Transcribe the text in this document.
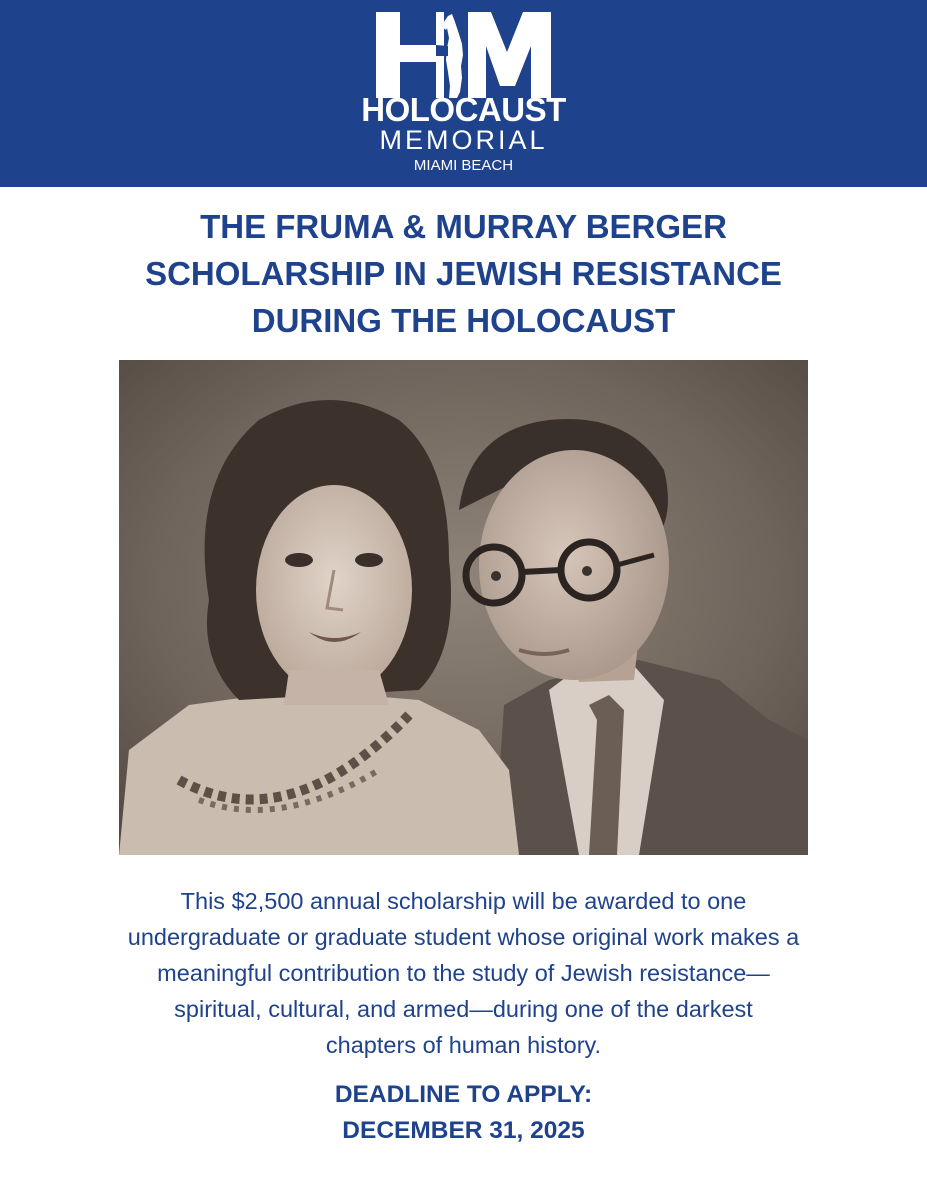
HOLOCAUST

MEMORIAL

MIAMI BEACH

THE FRUMA & MURRAY BERGER
SCHOLARSHIP IN JEWISH RESISTANCE
DURING THE HOLOCAUST

This $2,500 annual scholarship will be awarded to one
undergraduate or graduate student whose original work makes a
meaningful contribution to the study of Jewish resistance—
spiritual, cultural, and armed—during one of the darkest
chapters of human history.

DEADLINE TO APPLY:
DECEMBER 31, 2025
